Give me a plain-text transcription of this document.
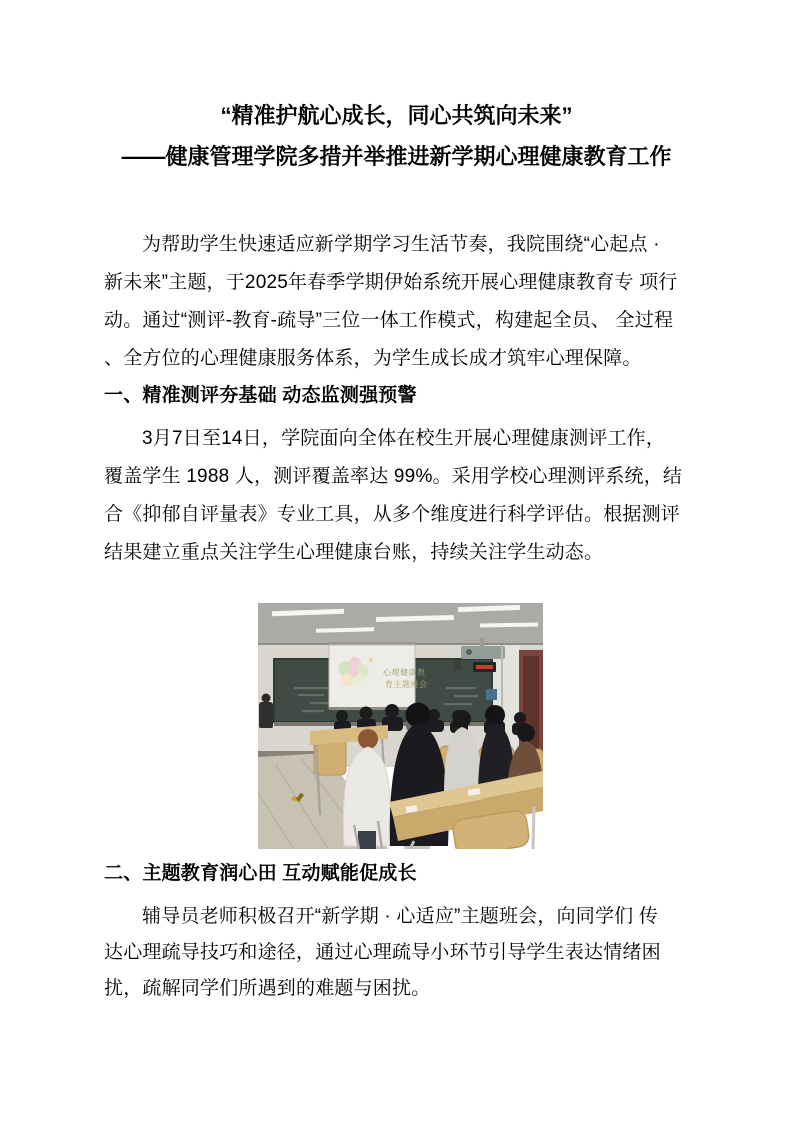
“精准护航心成长，同心共筑向未来”
——健康管理学院多措并举推进新学期心理健康教育工作
为帮助学生快速适应新学期学习生活节奏，我院围绕“心起点 ·
新未来”主题，于2025年春季学期伊始系统开展心理健康教育专 项行
动。通过“测评-教育-疏导”三位一体工作模式，构建起全员、 全过程
、全方位的心理健康服务体系，为学生成长成才筑牢心理保障。
一、精准测评夯基础 动态监测强预警
3月7日至14日，学院面向全体在校生开展心理健康测评工作，
覆盖学生 1988 人，测评覆盖率达 99%。采用学校心理测评系统，结
合《抑郁自评量表》专业工具，从多个维度进行科学评估。根据测评
结果建立重点关注学生心理健康台账，持续关注学生动态。
心理健康教
育主题班会
二、主题教育润心田 互动赋能促成长
辅导员老师积极召开“新学期 · 心适应”主题班会，向同学们 传
达心理疏导技巧和途径，通过心理疏导小环节引导学生表达情绪困
扰，疏解同学们所遇到的难题与困扰。
